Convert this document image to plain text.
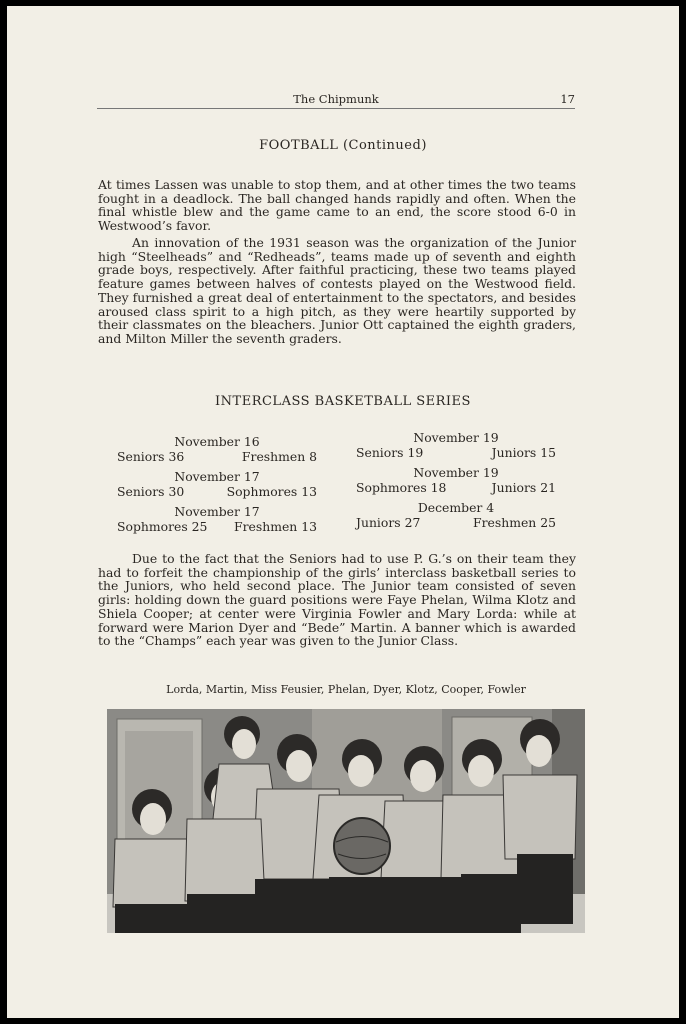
The Chipmunk	17
FOOTBALL (Continued)

At times Lassen was unable to stop them, and at other times the two teams fought in a deadlock. The ball changed hands rapidly and often. When the final whistle blew and the game came to an end, the score stood 6-0 in Westwood’s favor.

An innovation of the 1931 season was the organization of the Junior high “Steelheads” and “Redheads”, teams made up of seventh and eighth grade boys, respectively. After faithful practicing, these two teams played feature games between halves of contests played on the Westwood field. They furnished a great deal of entertainment to the spectators, and besides aroused class spirit to a high pitch, as they were heartily supported by their classmates on the bleachers. Junior Ott captained the eighth graders, and Milton Miller the seventh graders.

INTERCLASS BASKETBALL SERIES
November 16
Seniors 36	Freshmen 8
November 17
Seniors 30	Sophmores 13
November 17
Sophmores 25 Freshmen 13
November 19
Seniors 19	Juniors 15
November 19
Sophmores 18	Juniors 21
December 4
Juniors 27	Freshmen 25

Due to the fact that the Seniors had to use P. G.’s on their team they had to forfeit the championship of the girls’ interclass basketball series to the Juniors, who held second place. The Junior team consisted of seven girls: holding down the guard positions were Faye Phelan, Wilma Klotz and Shiela Cooper; at center were Virginia Fowler and Mary Lorda: while at forward were Marion Dyer and “Bede” Martin. A banner which is awarded to the “Champs” each year was given to the Junior Class.

Lorda, Martin, Miss Feusier, Phelan, Dyer, Klotz, Cooper, Fowler
